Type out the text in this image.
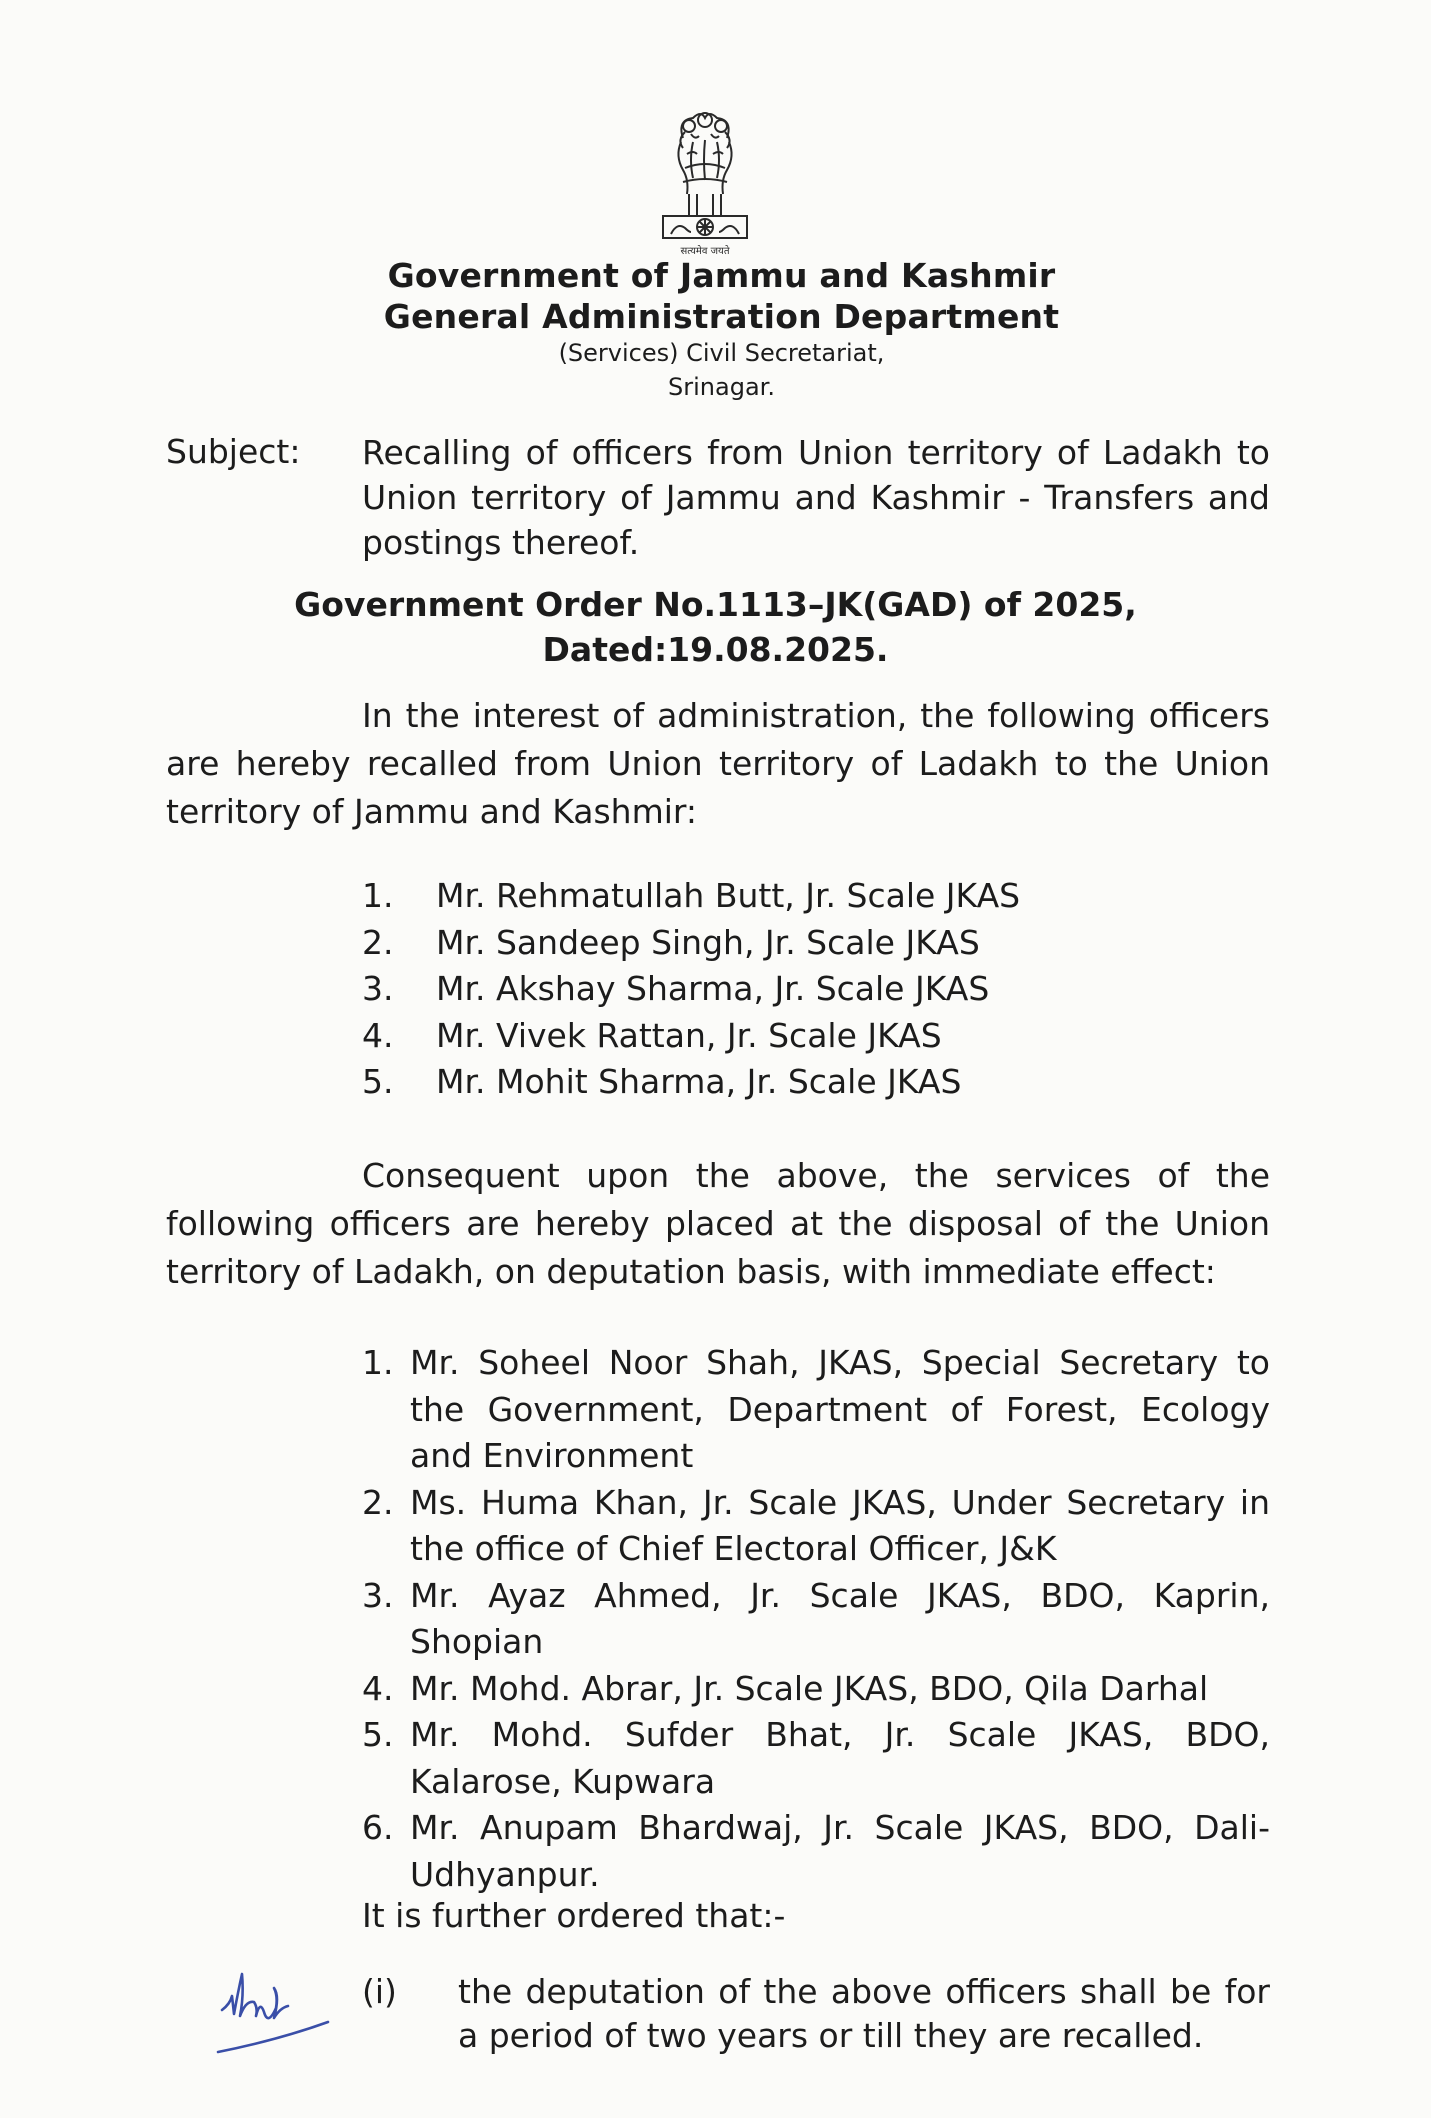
सत्यमेव जयते
Government of Jammu and Kashmir
General Administration Department
(Services) Civil Secretariat,
Srinagar.
Subject: Recalling of officers from Union territory of Ladakh to Union territory of Jammu and Kashmir - Transfers and postings thereof.
Government Order No.1113–JK(GAD) of 2025,
Dated:19.08.2025.
In the interest of administration, the following officers are hereby recalled from Union territory of Ladakh to the Union territory of Jammu and Kashmir:
1.	Mr. Rehmatullah Butt, Jr. Scale JKAS
2.	Mr. Sandeep Singh, Jr. Scale JKAS
3.	Mr. Akshay Sharma, Jr. Scale JKAS
4.	Mr. Vivek Rattan, Jr. Scale JKAS
5.	Mr. Mohit Sharma, Jr. Scale JKAS
Consequent upon the above, the services of the following officers are hereby placed at the disposal of the Union territory of Ladakh, on deputation basis, with immediate effect:
1. Mr. Soheel Noor Shah, JKAS, Special Secretary to the Government, Department of Forest, Ecology and Environment
2. Ms. Huma Khan, Jr. Scale JKAS, Under Secretary in the office of Chief Electoral Officer, J&K
3. Mr. Ayaz Ahmed, Jr. Scale JKAS, BDO, Kaprin, Shopian
4. Mr. Mohd. Abrar, Jr. Scale JKAS, BDO, Qila Darhal
5. Mr. Mohd. Sufder Bhat, Jr. Scale JKAS, BDO, Kalarose, Kupwara
6. Mr. Anupam Bhardwaj, Jr. Scale JKAS, BDO, Dali-Udhyanpur.
It is further ordered that:-
(i)	the deputation of the above officers shall be for a period of two years or till they are recalled.
